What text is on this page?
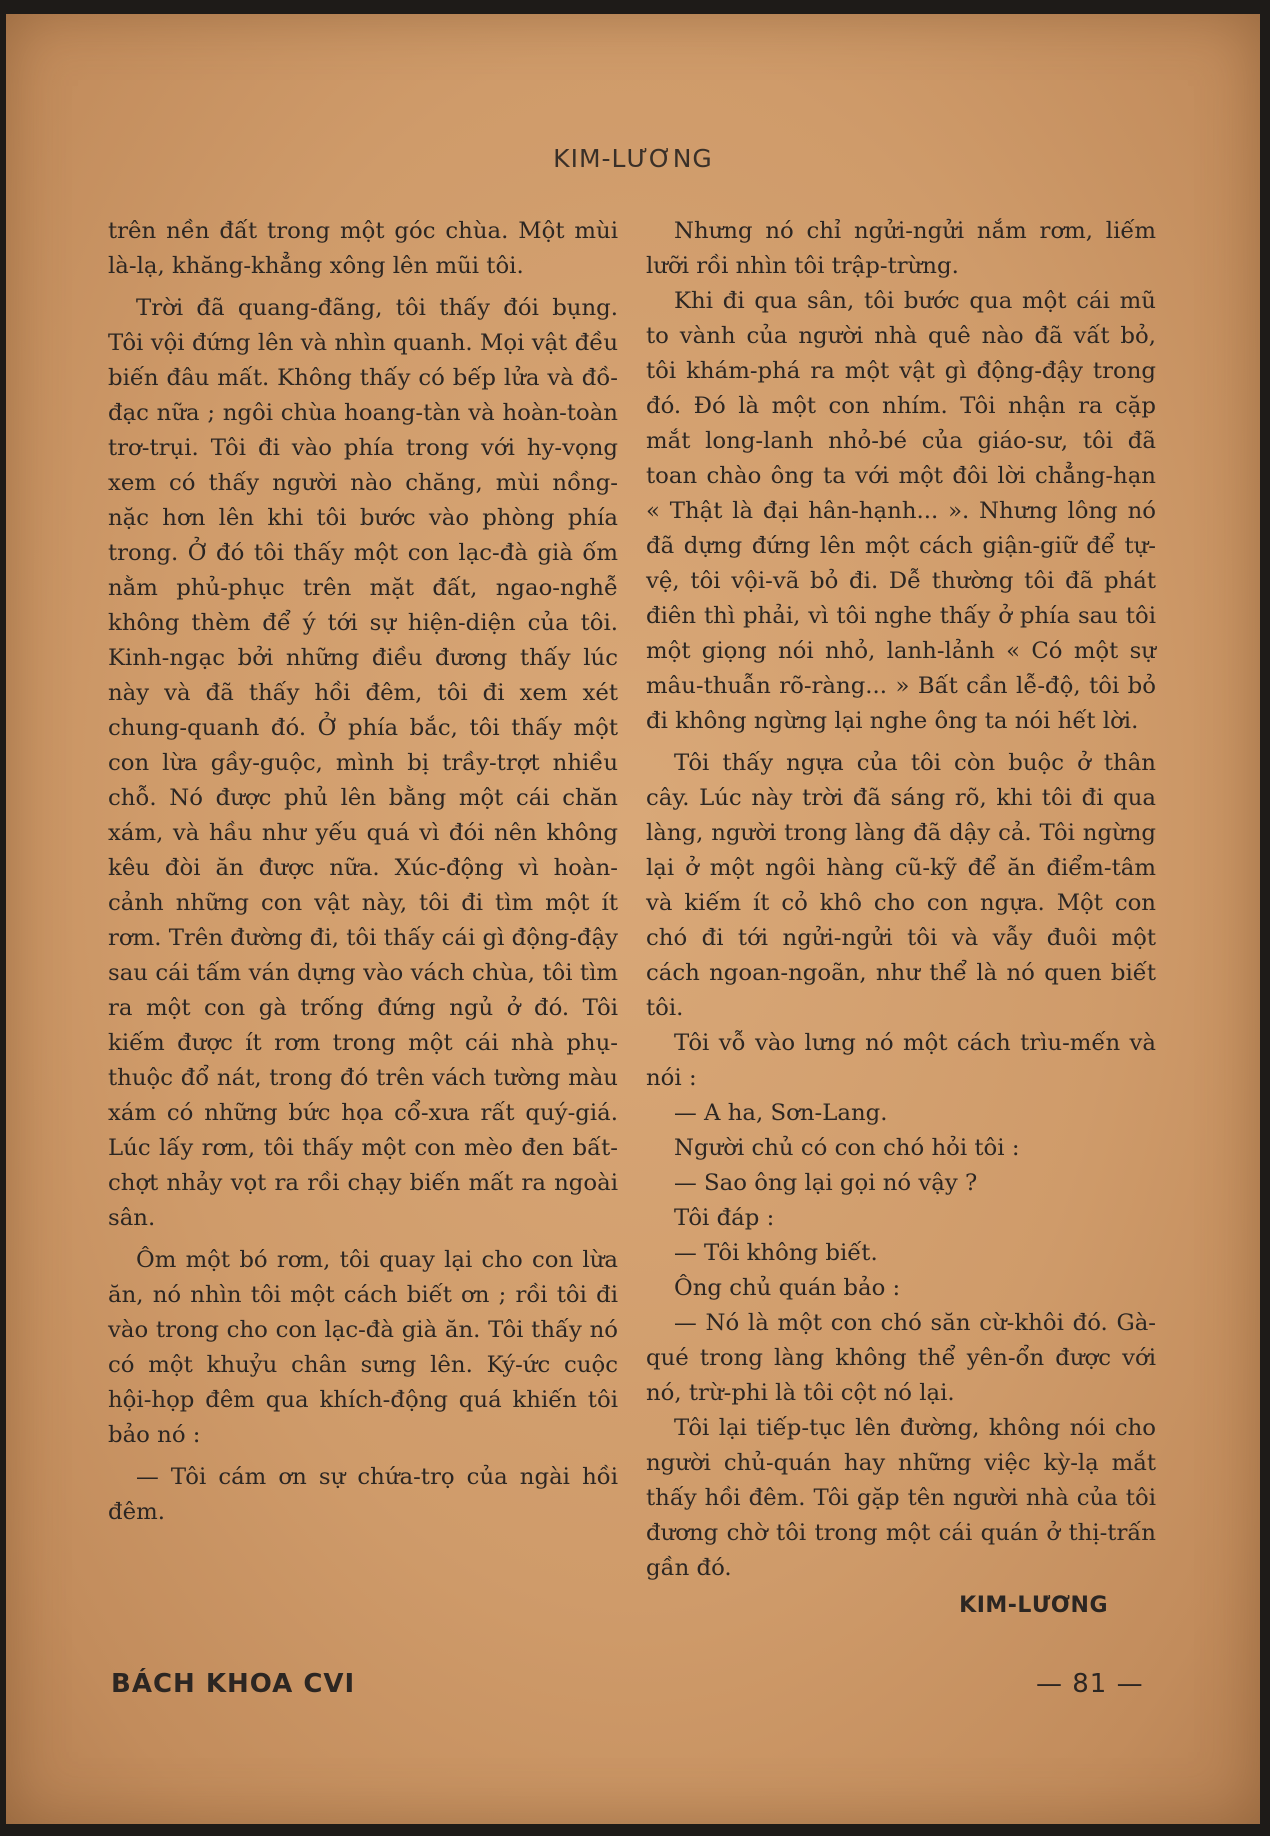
KIM-LƯƠNG

trên nền đất trong một góc chùa. Một mùi là-lạ, khăng-khẳng xông lên mũi tôi.

Trời đã quang-đãng, tôi thấy đói bụng. Tôi vội đứng lên và nhìn quanh. Mọi vật đều biến đâu mất. Không thấy có bếp lửa và đồ-đạc nữa ; ngôi chùa hoang-tàn và hoàn-toàn trơ-trụi. Tôi đi vào phía trong với hy-vọng xem có thấy người nào chăng, mùi nồng-nặc hơn lên khi tôi bước vào phòng phía trong. Ở đó tôi thấy một con lạc-đà già ốm nằm phủ-phục trên mặt đất, ngao-nghễ không thèm để ý tới sự hiện-diện của tôi. Kinh-ngạc bởi những điều đương thấy lúc này và đã thấy hồi đêm, tôi đi xem xét chung-quanh đó. Ở phía bắc, tôi thấy một con lừa gầy-guộc, mình bị trầy-trợt nhiều chỗ. Nó được phủ lên bằng một cái chăn xám, và hầu như yếu quá vì đói nên không kêu đòi ăn được nữa. Xúc-động vì hoàn-cảnh những con vật này, tôi đi tìm một ít rơm. Trên đường đi, tôi thấy cái gì động-đậy sau cái tấm ván dựng vào vách chùa, tôi tìm ra một con gà trống đứng ngủ ở đó. Tôi kiếm được ít rơm trong một cái nhà phụ-thuộc đổ nát, trong đó trên vách tường màu xám có những bức họa cổ-xưa rất quý-giá. Lúc lấy rơm, tôi thấy một con mèo đen bất-chợt nhảy vọt ra rồi chạy biến mất ra ngoài sân.

Ôm một bó rơm, tôi quay lại cho con lừa ăn, nó nhìn tôi một cách biết ơn ; rồi tôi đi vào trong cho con lạc-đà già ăn. Tôi thấy nó có một khuỷu chân sưng lên. Ký-ức cuộc hội-họp đêm qua khích-động quá khiến tôi bảo nó :

— Tôi cám ơn sự chứa-trọ của ngài hồi đêm.

Nhưng nó chỉ ngửi-ngửi nắm rơm, liếm lưỡi rồi nhìn tôi trập-trừng.

Khi đi qua sân, tôi bước qua một cái mũ to vành của người nhà quê nào đã vất bỏ, tôi khám-phá ra một vật gì động-đậy trong đó. Đó là một con nhím. Tôi nhận ra cặp mắt long-lanh nhỏ-bé của giáo-sư, tôi đã toan chào ông ta với một đôi lời chẳng-hạn « Thật là đại hân-hạnh... ». Nhưng lông nó đã dựng đứng lên một cách giận-giữ để tự-vệ, tôi vội-vã bỏ đi. Dễ thường tôi đã phát điên thì phải, vì tôi nghe thấy ở phía sau tôi một giọng nói nhỏ, lanh-lảnh « Có một sự mâu-thuẫn rõ-ràng... » Bất cần lễ-độ, tôi bỏ đi không ngừng lại nghe ông ta nói hết lời.

Tôi thấy ngựa của tôi còn buộc ở thân cây. Lúc này trời đã sáng rõ, khi tôi đi qua làng, người trong làng đã dậy cả. Tôi ngừng lại ở một ngôi hàng cũ-kỹ để ăn điểm-tâm và kiếm ít cỏ khô cho con ngựa. Một con chó đi tới ngửi-ngửi tôi và vẫy đuôi một cách ngoan-ngoãn, như thể là nó quen biết tôi.

Tôi vỗ vào lưng nó một cách trìu-mến và nói :

— A ha, Sơn-Lang.

Người chủ có con chó hỏi tôi :

— Sao ông lại gọi nó vậy ?

Tôi đáp :

— Tôi không biết.

Ông chủ quán bảo :

— Nó là một con chó săn cừ-khôi đó. Gà-qué trong làng không thể yên-ổn được với nó, trừ-phi là tôi cột nó lại.

Tôi lại tiếp-tục lên đường, không nói cho người chủ-quán hay những việc kỳ-lạ mắt thấy hồi đêm. Tôi gặp tên người nhà của tôi đương chờ tôi trong một cái quán ở thị-trấn gần đó.

KIM-LƯƠNG
BÁCH KHOA CVI	— 81 —
